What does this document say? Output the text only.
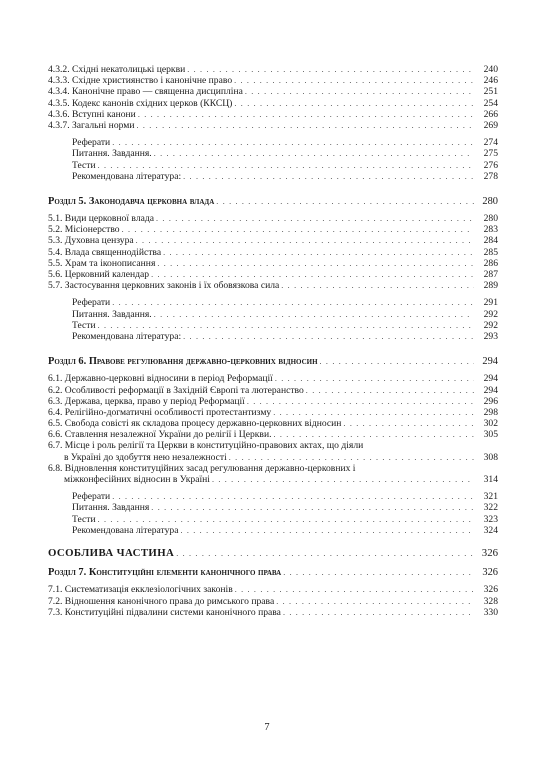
4.3.2. Східні некатолицькі церкви . . .	240
4.3.3. Східне християнство і канонічне право . . .	246
4.3.4. Канонічне право — священна дисципліна . . .	251
4.3.5. Кодекс канонів східних церков (ККСЦ) . . .	254
4.3.6. Вступні канони . . .	266
4.3.7. Загальні норми . . .	269
Реферати . . .	274
Питання. Завдання. . . .	275
Тести . . .	276
Рекомендована література: . . .	278
Розділ 5. Законодавча церковна влада . . .	280
5.1. Види церковної влада . . .	280
5.2. Місіонерство . . .	283
5.3. Духовна цензура . . .	284
5.4. Влада священнодійства . . .	285
5.5. Храм та іконописання . . .	286
5.6. Церковний календар . . .	287
5.7. Застосування церковних законів і їх обовязкова сила . . .	289
Реферати . . .	291
Питання. Завдання. . . .	292
Тести . . .	292
Рекомендована література: . . .	293
Розділ 6. Правове регулювання державно-церковних відносин . . .	294
6.1. Державно-церковні відносини в період Реформації . . .	294
6.2. Особливості реформації в Західній Європі та лютеранство . . .	294
6.3. Держава, церква, право у період Реформації . . .	296
6.4. Релігійно-догматичні особливості протестантизму . . .	298
6.5. Свобода совісті як складова процесу державно-церковних відносин . . .	302
6.6. Ставлення незалежної України до релігії і Церкви. . . .	305
6.7. Місце і роль релігії та Церкви в конституційно-правових актах, що діяли
в Україні до здобуття нею незалежності . . .	308
6.8. Відновлення конституційних засад регулювання державно-церковних і
міжконфесійних відносин в Україні . . .	314
Реферати . . .	321
Питання. Завдання . . .	322
Тести . . .	323
Рекомендована література . . .	324
ОСОБЛИВА ЧАСТИНА . . .	326
Розділ 7. Конституційні елементи канонічного права . . .	326
7.1. Систематизація екклезіологічних законів . . .	326
7.2. Відношення канонічного права до римського права . . .	328
7.3. Конституційні підвалини системи канонічного права . . .	330
7
